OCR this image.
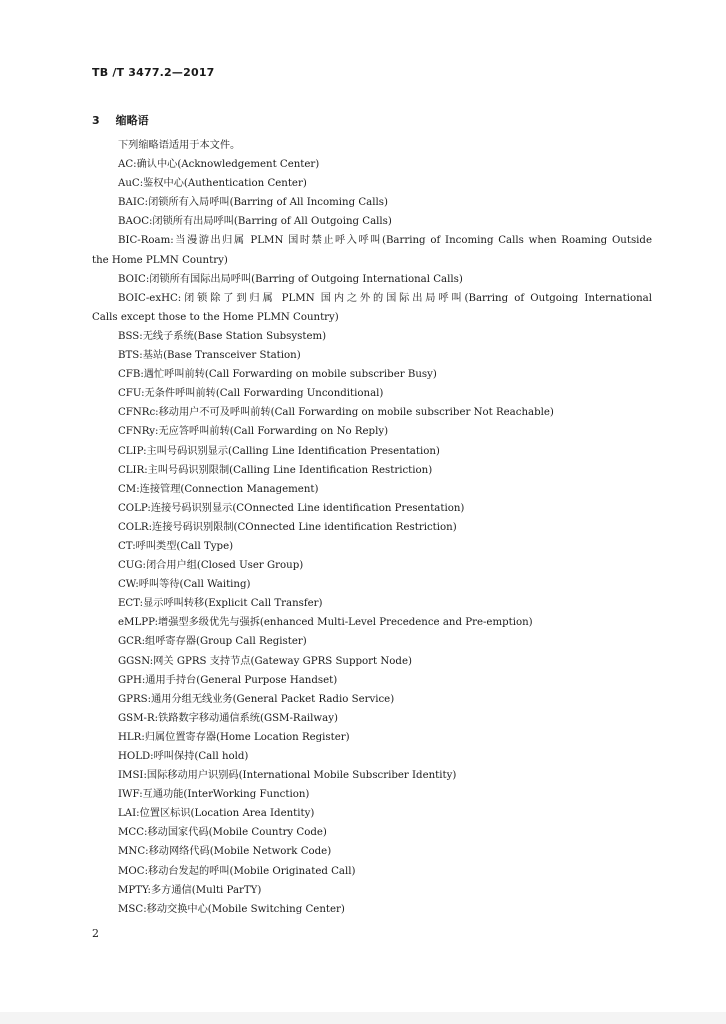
TB /T 3477.2—2017
3 缩略语
下列缩略语适用于本文件。
AC:确认中心(Acknowledgement Center)
AuC:鉴权中心(Authentication Center)
BAIC:闭锁所有入局呼叫(Barring of All Incoming Calls)
BAOC:闭锁所有出局呼叫(Barring of All Outgoing Calls)
BIC-Roam:当漫游出归属 PLMN 国时禁止呼入呼叫(Barring of Incoming Calls when Roaming Outside
the Home PLMN Country)
BOIC:闭锁所有国际出局呼叫(Barring of Outgoing International Calls)
BOIC-exHC:闭锁除了到归属 PLMN 国内之外的国际出局呼叫(Barring of Outgoing International
Calls except those to the Home PLMN Country)
BSS:无线子系统(Base Station Subsystem)
BTS:基站(Base Transceiver Station)
CFB:遇忙呼叫前转(Call Forwarding on mobile subscriber Busy)
CFU:无条件呼叫前转(Call Forwarding Unconditional)
CFNRc:移动用户不可及呼叫前转(Call Forwarding on mobile subscriber Not Reachable)
CFNRy:无应答呼叫前转(Call Forwarding on No Reply)
CLIP:主叫号码识别显示(Calling Line Identification Presentation)
CLIR:主叫号码识别限制(Calling Line Identification Restriction)
CM:连接管理(Connection Management)
COLP:连接号码识别显示(COnnected Line identification Presentation)
COLR:连接号码识别限制(COnnected Line identification Restriction)
CT:呼叫类型(Call Type)
CUG:闭合用户组(Closed User Group)
CW:呼叫等待(Call Waiting)
ECT:显示呼叫转移(Explicit Call Transfer)
eMLPP:增强型多级优先与强拆(enhanced Multi-Level Precedence and Pre-emption)
GCR:组呼寄存器(Group Call Register)
GGSN:网关 GPRS 支持节点(Gateway GPRS Support Node)
GPH:通用手持台(General Purpose Handset)
GPRS:通用分组无线业务(General Packet Radio Service)
GSM-R:铁路数字移动通信系统(GSM-Railway)
HLR:归属位置寄存器(Home Location Register)
HOLD:呼叫保持(Call hold)
IMSI:国际移动用户识别码(International Mobile Subscriber Identity)
IWF:互通功能(InterWorking Function)
LAI:位置区标识(Location Area Identity)
MCC:移动国家代码(Mobile Country Code)
MNC:移动网络代码(Mobile Network Code)
MOC:移动台发起的呼叫(Mobile Originated Call)
MPTY:多方通信(Multi ParTY)
MSC:移动交换中心(Mobile Switching Center)
2
